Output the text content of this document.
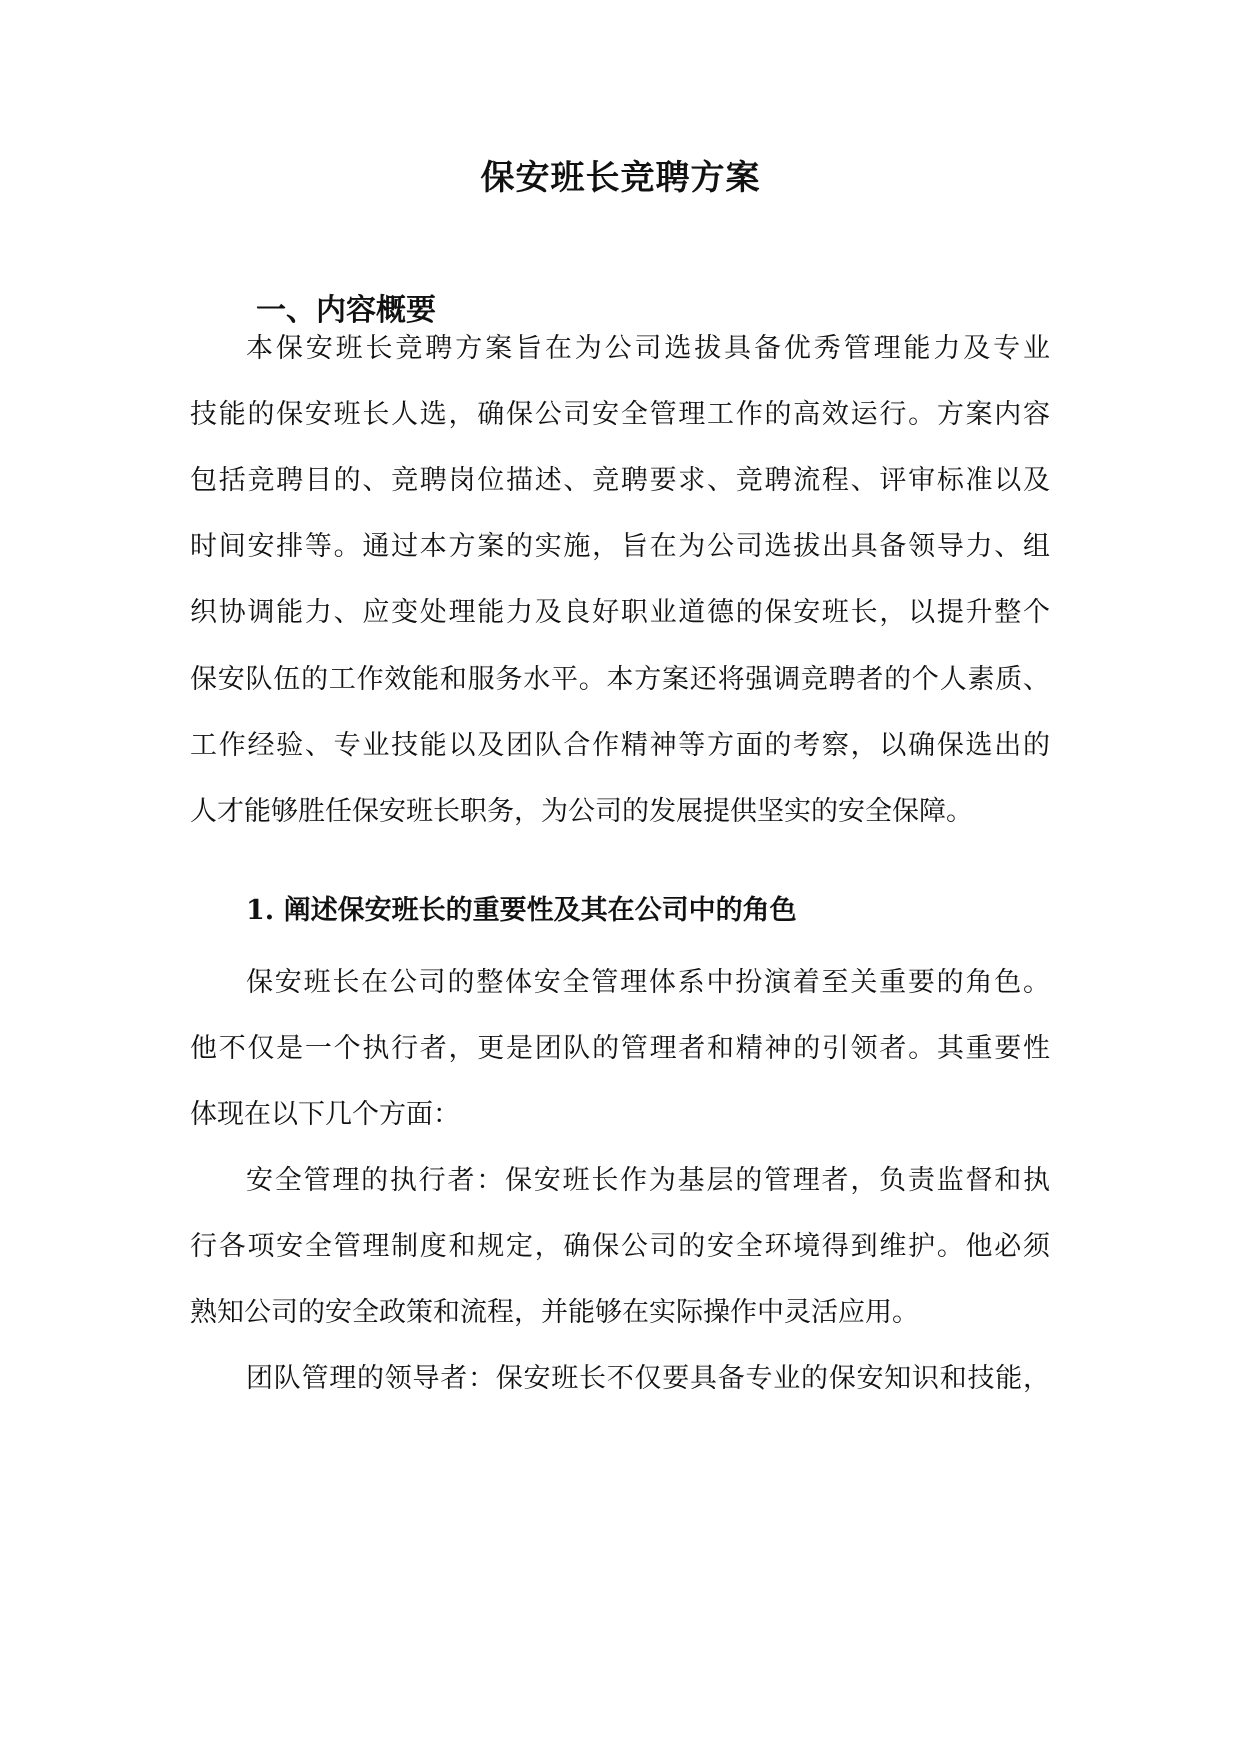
保安班长竞聘方案
一、内容概要

本保安班长竞聘方案旨在为公司选拔具备优秀管理能力及专业

技能的保安班长人选，确保公司安全管理工作的高效运行。方案内容

包括竞聘目的、竞聘岗位描述、竞聘要求、竞聘流程、评审标准以及

时间安排等。通过本方案的实施，旨在为公司选拔出具备领导力、组

织协调能力、应变处理能力及良好职业道德的保安班长，以提升整个

保安队伍的工作效能和服务水平。本方案还将强调竞聘者的个人素质、

工作经验、专业技能以及团队合作精神等方面的考察，以确保选出的

人才能够胜任保安班长职务，为公司的发展提供坚实的安全保障。

1. 阐述保安班长的重要性及其在公司中的角色

保安班长在公司的整体安全管理体系中扮演着至关重要的角色。

他不仅是一个执行者，更是团队的管理者和精神的引领者。其重要性

体现在以下几个方面：

安全管理的执行者：保安班长作为基层的管理者，负责监督和执

行各项安全管理制度和规定，确保公司的安全环境得到维护。他必须

熟知公司的安全政策和流程，并能够在实际操作中灵活应用。

团队管理的领导者：保安班长不仅要具备专业的保安知识和技能，
